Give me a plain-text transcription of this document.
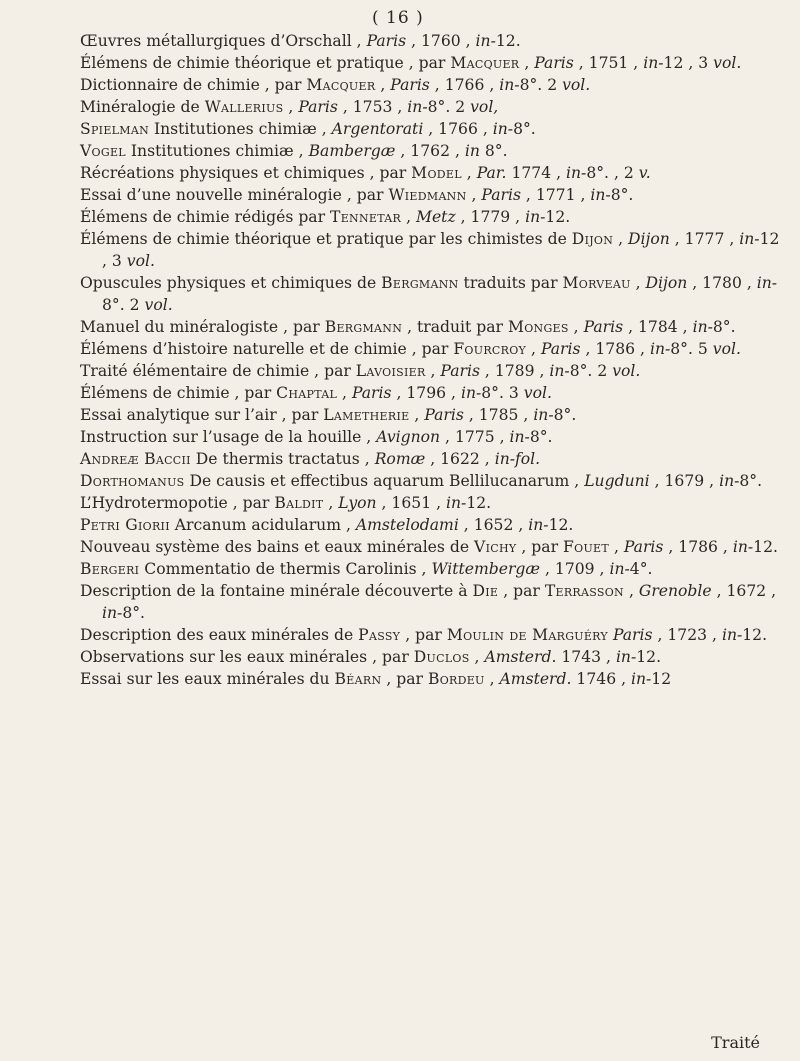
( 16 )
Œuvres métallurgiques d’Orschall , Paris , 1760 , in-12.
Élémens de chimie théorique et pratique , par Macquer , Paris , 1751 , in-12 , 3 vol.
Dictionnaire de chimie , par Macquer , Paris , 1766 , in-8°. 2 vol.
Minéralogie de Wallerius , Paris , 1753 , in-8°. 2 vol,
Spielman Institutiones chimiæ , Argentorati , 1766 , in-8°.
Vogel Institutiones chimiæ , Bambergæ , 1762 , in 8°.
Récréations physiques et chimiques , par Model , Par. 1774 , in-8°. , 2 v.
Essai d’une nouvelle minéralogie , par Wiedmann , Paris , 1771 , in-8°.
Élémens de chimie rédigés par Tennetar , Metz , 1779 , in-12.
Élémens de chimie théorique et pratique par les chimistes de Dijon , Dijon , 1777 , in-12 , 3 vol.
Opuscules physiques et chimiques de Bergmann traduits par Morveau , Dijon , 1780 , in-8°. 2 vol.
Manuel du minéralogiste , par Bergmann , traduit par Monges , Paris , 1784 , in-8°.
Élémens d’histoire naturelle et de chimie , par Fourcroy , Paris , 1786 , in-8°. 5 vol.
Traité élémentaire de chimie , par Lavoisier , Paris , 1789 , in-8°. 2 vol.
Élémens de chimie , par Chaptal , Paris , 1796 , in-8°. 3 vol.
Essai analytique sur l’air , par Lametherie , Paris , 1785 , in-8°.
Instruction sur l’usage de la houille , Avignon , 1775 , in-8°.
Andreæ Baccii De thermis tractatus , Romæ , 1622 , in-fol.
Dorthomanus De causis et effectibus aquarum Bellilucanarum , Lugduni , 1679 , in-8°.
L’Hydrotermopotie , par Baldit , Lyon , 1651 , in-12.
Petri Giorii Arcanum acidularum , Amstelodami , 1652 , in-12.
Nouveau système des bains et eaux minérales de Vichy , par Fouet , Paris , 1786 , in-12.
Bergeri Commentatio de thermis Carolinis , Wittembergæ , 1709 , in-4°.
Description de la fontaine minérale découverte à Die , par Terrasson , Grenoble , 1672 , in-8°.
Description des eaux minérales de Passy , par Moulin de Marguéry Paris , 1723 , in-12.
Observations sur les eaux minérales , par Duclos , Amsterd. 1743 , in-12.
Essai sur les eaux minérales du Béarn , par Bordeu , Amsterd. 1746 , in-12
Traité
